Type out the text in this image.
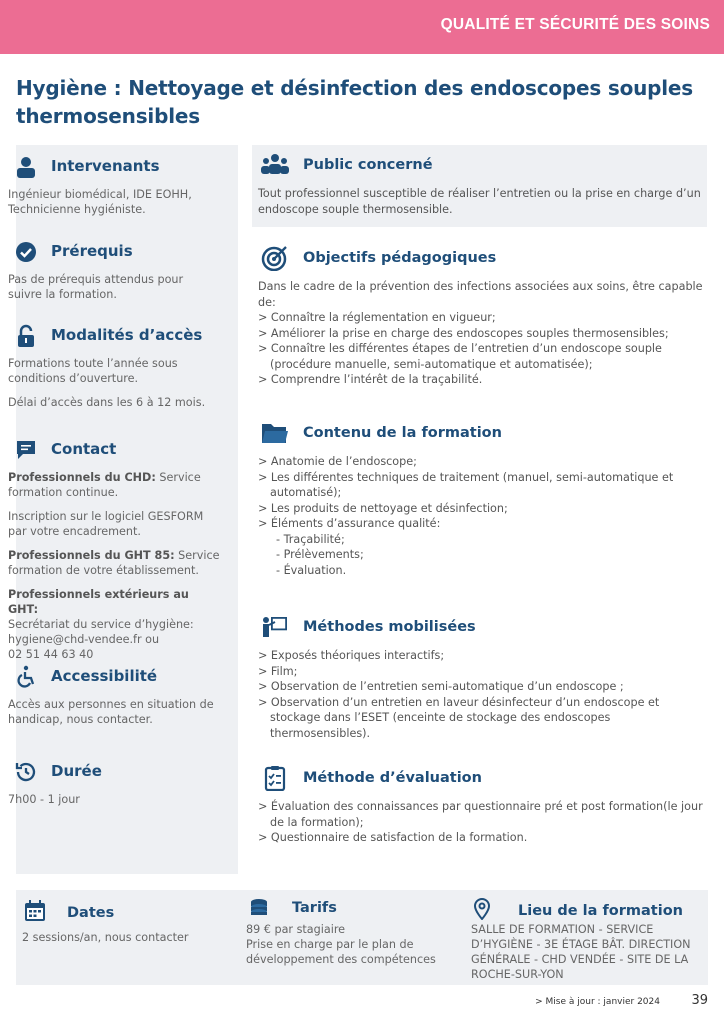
QUALITÉ ET SÉCURITÉ DES SOINS
Hygiène : Nettoyage et désinfection des endoscopes souples
thermosensibles
Intervenants

Ingénieur biomédical, IDE EOHH, Technicienne hygiéniste.

Prérequis

Pas de prérequis attendus pour suivre la formation.

Modalités d’accès

Formations toute l’année sous conditions d’ouverture.

Délai d’accès dans les 6 à 12 mois.

Contact

Professionnels du CHD: Service formation continue.

Inscription sur le logiciel GESFORM par votre encadrement.

Professionnels du GHT 85: Service formation de votre établissement.

Professionnels extérieurs au GHT:
Secrétariat du service d’hygiène: hygiene@chd-vendee.fr ou
02 51 44 63 40

Accessibilité

Accès aux personnes en situation de handicap, nous contacter.

Durée

7h00 - 1 jour

Public concerné
Tout professionnel susceptible de réaliser l’entretien ou la prise en charge d’un endoscope souple thermosensible.
Objectifs pédagogiques
Dans le cadre de la prévention des infections associées aux soins, être capable de:
> Connaître la réglementation en vigueur;
> Améliorer la prise en charge des endoscopes souples thermosensibles;
> Connaître les différentes étapes de l’entretien d’un endoscope souple (procédure manuelle, semi-automatique et automatisée);
> Comprendre l’intérêt de la traçabilité.
Contenu de la formation
> Anatomie de l’endoscope;
> Les différentes techniques de traitement (manuel, semi-automatique et automatisé);
> Les produits de nettoyage et désinfection;
> Éléments d’assurance qualité:
- Traçabilité;
- Prélèvements;
- Évaluation.
Méthodes mobilisées
> Exposés théoriques interactifs;
> Film;
> Observation de l’entretien semi-automatique d’un endoscope ;
> Observation d’un entretien en laveur désinfecteur d’un endoscope et stockage dans l’ESET (enceinte de stockage des endoscopes thermosensibles).
Méthode d’évaluation
> Évaluation des connaissances par questionnaire pré et post formation(le jour de la formation);
> Questionnaire de satisfaction de la formation.
Dates
2 sessions/an, nous contacter
Tarifs
89 € par stagiaire
Prise en charge par le plan de développement des compétences
Lieu de la formation
SALLE DE FORMATION - SERVICE D’HYGIÈNE - 3E ÉTAGE BÂT. DIRECTION GÉNÉRALE - CHD VENDÉE - SITE DE LA ROCHE-SUR-YON
> Mise à jour : janvier 2024 39
